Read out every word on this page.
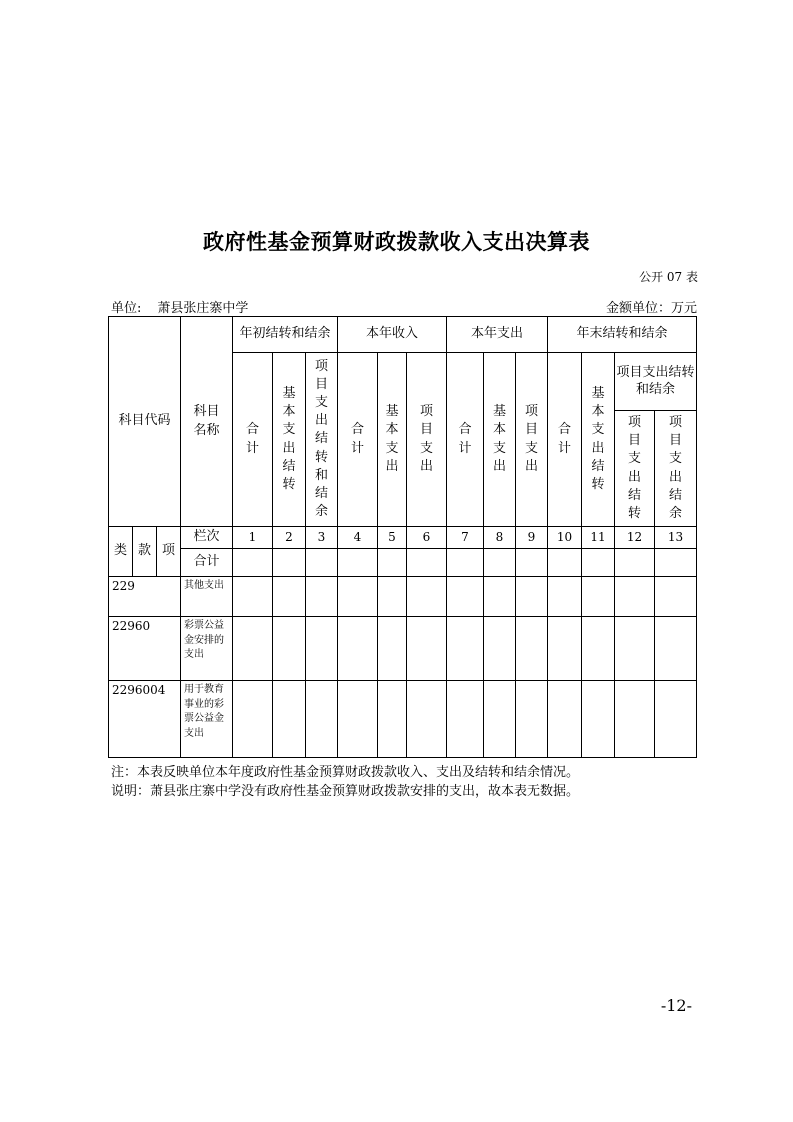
政府性基金预算财政拨款收入支出决算表
公开 07 表
单位: 萧县张庄寨中学	金额单位：万元
科目代码			科目名称	年初结转和结余			本年收入			本年支出			年末结转和结余			
				合计	基本支出结转	项目支出结转和结余	合计	基本支出	项目支出	合计	基本支出	项目支出	合计	基本支出结转	项目支出结转和结余	
															项目支出结转	项目支出结余
类	款	项	栏次	1	2	3	4	5	6	7	8	9	10	11	12	13
			合计													
229			其他支出													
22960			彩票公益金安排的支出													
2296004			用于教育事业的彩票公益金支出													
注：本表反映单位本年度政府性基金预算财政拨款收入、支出及结转和结余情况。
说明：萧县张庄寨中学没有政府性基金预算财政拨款安排的支出，故本表无数据。
-12-
